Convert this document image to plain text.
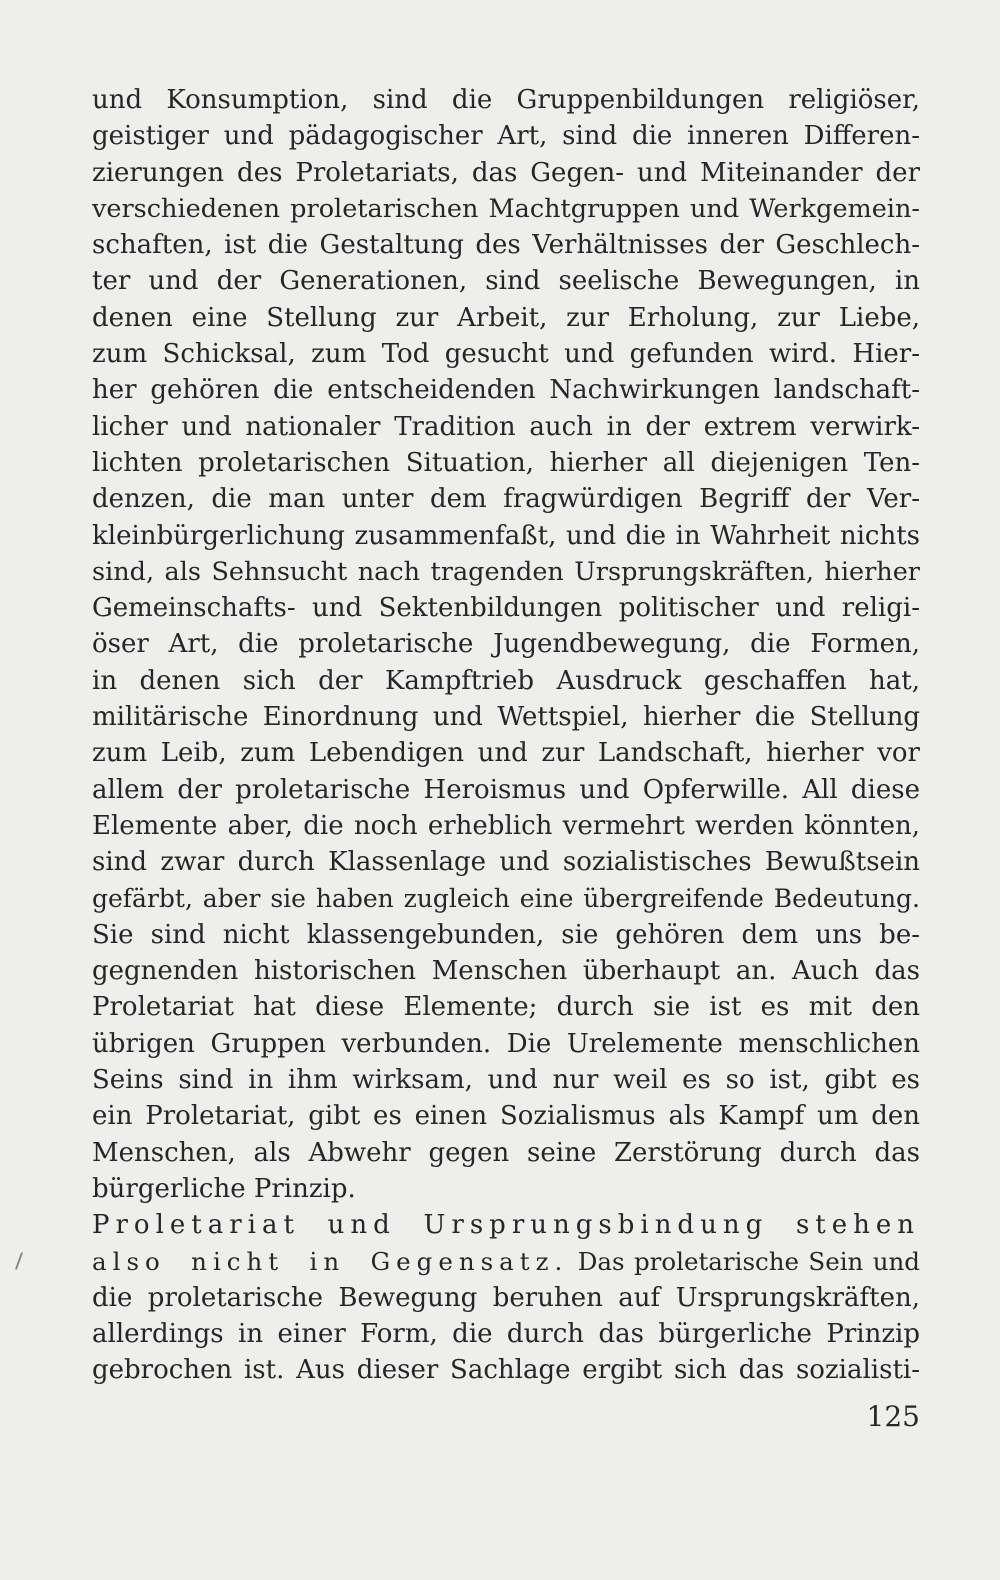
und Konsumption, sind die Gruppenbildungen religiöser,
geistiger und pädagogischer Art, sind die inneren Differen-
zierungen des Proletariats, das Gegen- und Miteinander der
verschiedenen proletarischen Machtgruppen und Werkgemein-
schaften, ist die Gestaltung des Verhältnisses der Geschlech-
ter und der Generationen, sind seelische Bewegungen, in
denen eine Stellung zur Arbeit, zur Erholung, zur Liebe,
zum Schicksal, zum Tod gesucht und gefunden wird. Hier-
her gehören die entscheidenden Nachwirkungen landschaft-
licher und nationaler Tradition auch in der extrem verwirk-
lichten proletarischen Situation, hierher all diejenigen Ten-
denzen, die man unter dem fragwürdigen Begriff der Ver-
kleinbürgerlichung zusammenfaßt, und die in Wahrheit nichts
sind, als Sehnsucht nach tragenden Ursprungskräften, hierher
Gemeinschafts- und Sektenbildungen politischer und religi-
öser Art, die proletarische Jugendbewegung, die Formen,
in denen sich der Kampftrieb Ausdruck geschaffen hat,
militärische Einordnung und Wettspiel, hierher die Stellung
zum Leib, zum Lebendigen und zur Landschaft, hierher vor
allem der proletarische Heroismus und Opferwille. All diese
Elemente aber, die noch erheblich vermehrt werden könnten,
sind zwar durch Klassenlage und sozialistisches Bewußtsein
gefärbt, aber sie haben zugleich eine übergreifende Bedeutung.
Sie sind nicht klassengebunden, sie gehören dem uns be-
gegnenden historischen Menschen überhaupt an. Auch das
Proletariat hat diese Elemente; durch sie ist es mit den
übrigen Gruppen verbunden. Die Urelemente menschlichen
Seins sind in ihm wirksam, und nur weil es so ist, gibt es
ein Proletariat, gibt es einen Sozialismus als Kampf um den
Menschen, als Abwehr gegen seine Zerstörung durch das
bürgerliche Prinzip.
Proletariat und Ursprungsbindung stehen
also nicht in Gegensatz. Das proletarische Sein und
die proletarische Bewegung beruhen auf Ursprungskräften,
allerdings in einer Form, die durch das bürgerliche Prinzip
gebrochen ist. Aus dieser Sachlage ergibt sich das sozialisti-
125
